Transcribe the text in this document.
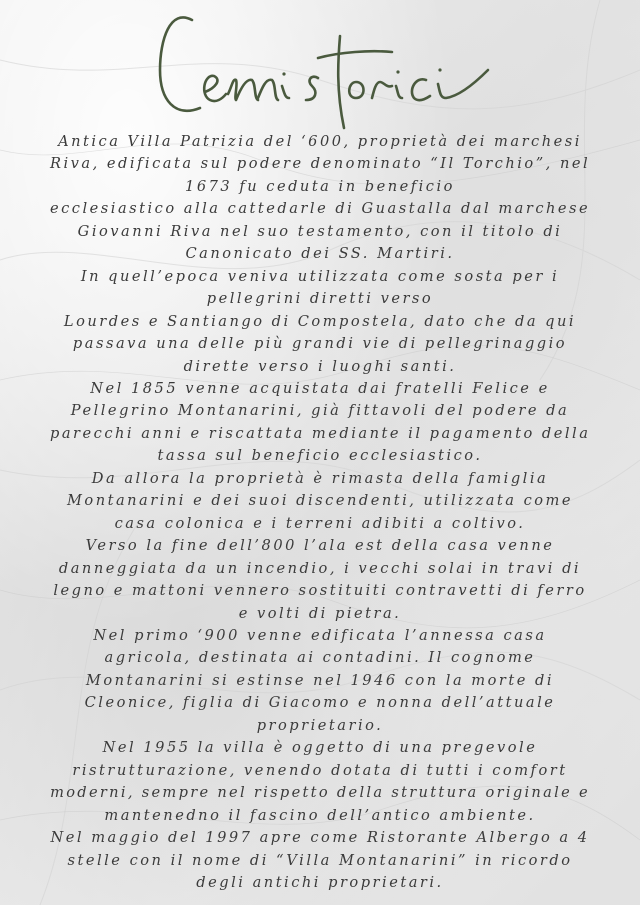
Antica Villa Patrizia del ‘600, proprietà dei marchesi
Riva, edificata sul podere denominato “Il Torchio”, nel
1673 fu ceduta in beneficio
ecclesiastico alla cattedarle di Guastalla dal marchese
Giovanni Riva nel suo testamento, con il titolo di
Canonicato dei SS. Martiri.
In quell’epoca veniva utilizzata come sosta per i
pellegrini diretti verso
Lourdes e Santiango di Compostela, dato che da qui
passava una delle più grandi vie di pellegrinaggio
dirette verso i luoghi santi.
Nel 1855 venne acquistata dai fratelli Felice e
Pellegrino Montanarini, già fittavoli del podere da
parecchi anni e riscattata mediante il pagamento della
tassa sul beneficio ecclesiastico.
Da allora la proprietà è rimasta della famiglia
Montanarini e dei suoi discendenti, utilizzata come
casa colonica e i terreni adibiti a coltivo.
Verso la fine dell’800 l’ala est della casa venne
danneggiata da un incendio, i vecchi solai in travi di
legno e mattoni vennero sostituiti contravetti di ferro
e volti di pietra.
Nel primo ‘900 venne edificata l’annessa casa
agricola, destinata ai contadini. Il cognome
Montanarini si estinse nel 1946 con la morte di
Cleonice, figlia di Giacomo e nonna dell’attuale
proprietario.
Nel 1955 la villa è oggetto di una pregevole
ristrutturazione, venendo dotata di tutti i comfort
moderni, sempre nel rispetto della struttura originale e
mantenedno il fascino dell’antico ambiente.
Nel maggio del 1997 apre come Ristorante Albergo a 4
stelle con il nome di “Villa Montanarini” in ricordo
degli antichi proprietari.
